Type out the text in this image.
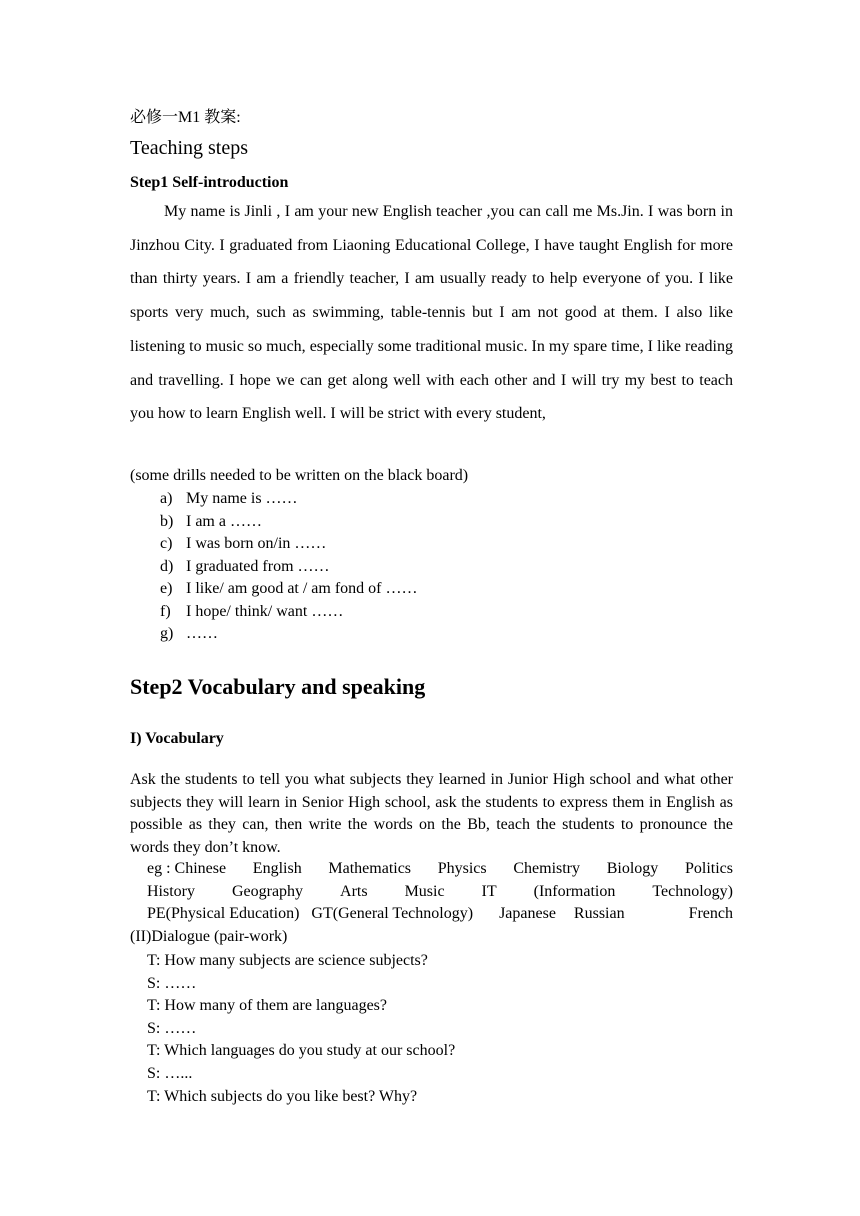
必修一M1 教案:
Teaching steps
Step1 Self-introduction

My name is Jinli , I am your new English teacher ,you can call me Ms.Jin. I was born in Jinzhou City. I graduated from Liaoning Educational College, I have taught English for more than thirty years. I am a friendly teacher, I am usually ready to help everyone of you. I like sports very much, such as swimming, table-tennis but I am not good at them. I also like listening to music so much, especially some traditional music. In my spare time, I like reading and travelling. I hope we can get along well with each other and I will try my best to teach you how to learn English well. I will be strict with every student,

(some drills needed to be written on the black board)
a) My name is ……
b) I am a ……
c) I was born on/in ……
d) I graduated from ……
e) I like/ am good at / am fond of ……
f) I hope/ think/ want ……
g) ……
Step2 Vocabulary and speaking
I) Vocabulary

Ask the students to tell you what subjects they learned in Junior High school and what other subjects they will learn in Senior High school, ask the students to express them in English as possible as they can, then write the words on the Bb, teach the students to pronounce the words they don’t know.

eg : Chinese English Mathematics Physics Chemistry Biology Politics
History Geography Arts Music IT (Information Technology)
PE(Physical Education) GT(General Technology) Japanese Russian	French
(II)Dialogue (pair-work)
T: How many subjects are science subjects?
S: ……
T: How many of them are languages?
S: ……
T: Which languages do you study at our school?
S: …...
T: Which subjects do you like best? Why?
